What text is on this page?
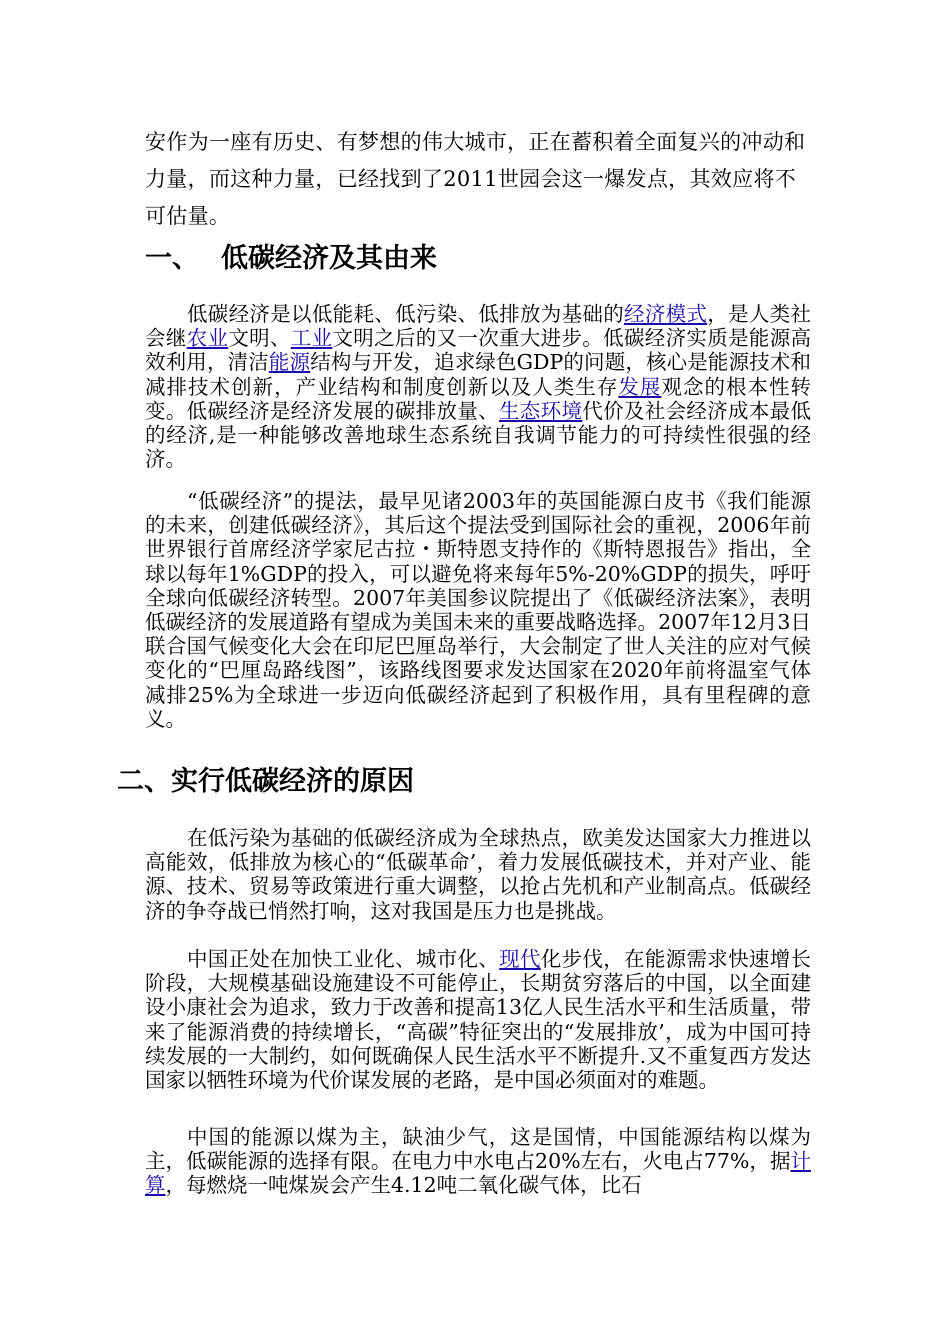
安作为一座有历史、有梦想的伟大城市，正在蓄积着全面复兴的冲动和力量，而这种力量，已经找到了2011世园会这一爆发点，其效应将不可估量。

一、 低碳经济及其由来

低碳经济是以低能耗、低污染、低排放为基础的经济模式，是人类社会继农业文明、工业文明之后的又一次重大进步。低碳经济实质是能源高效利用，清洁能源结构与开发，追求绿色GDP的问题，核心是能源技术和减排技术创新，产业结构和制度创新以及人类生存发展观念的根本性转变。低碳经济是经济发展的碳排放量、生态环境代价及社会经济成本最低的经济,是一种能够改善地球生态系统自我调节能力的可持续性很强的经济。

“低碳经济”的提法，最早见诸2003年的英国能源白皮书《我们能源的未来，创建低碳经济》，其后这个提法受到国际社会的重视，2006年前世界银行首席经济学家尼古拉・斯特恩支持作的《斯特恩报告》指出，全球以每年1%GDP的投入，可以避免将来每年5%-20%GDP的损失，呼吁全球向低碳经济转型。2007年美国参议院提出了《低碳经济法案》，表明低碳经济的发展道路有望成为美国未来的重要战略选择。2007年12月3日联合国气候变化大会在印尼巴厘岛举行，大会制定了世人关注的应对气候变化的“巴厘岛路线图”，该路线图要求发达国家在2020年前将温室气体减排25%为全球进一步迈向低碳经济起到了积极作用，具有里程碑的意义。

二、实行低碳经济的原因

在低污染为基础的低碳经济成为全球热点，欧美发达国家大力推进以高能效，低排放为核心的“低碳革命’，着力发展低碳技术，并对产业、能源、技术、贸易等政策进行重大调整，以抢占先机和产业制高点。低碳经济的争夺战已悄然打响，这对我国是压力也是挑战。

中国正处在加快工业化、城市化、现代化步伐，在能源需求快速增长阶段，大规模基础设施建设不可能停止，长期贫穷落后的中国，以全面建设小康社会为追求，致力于改善和提高13亿人民生活水平和生活质量，带来了能源消费的持续增长，“高碳”特征突出的“发展排放’，成为中国可持续发展的一大制约，如何既确保人民生活水平不断提升.又不重复西方发达国家以牺牲环境为代价谋发展的老路，是中国必须面对的难题。

中国的能源以煤为主，缺油少气，这是国情，中国能源结构以煤为主，低碳能源的选择有限。在电力中水电占20%左右，火电占77%，据计算，每燃烧一吨煤炭会产生4.12吨二氧化碳气体，比石
